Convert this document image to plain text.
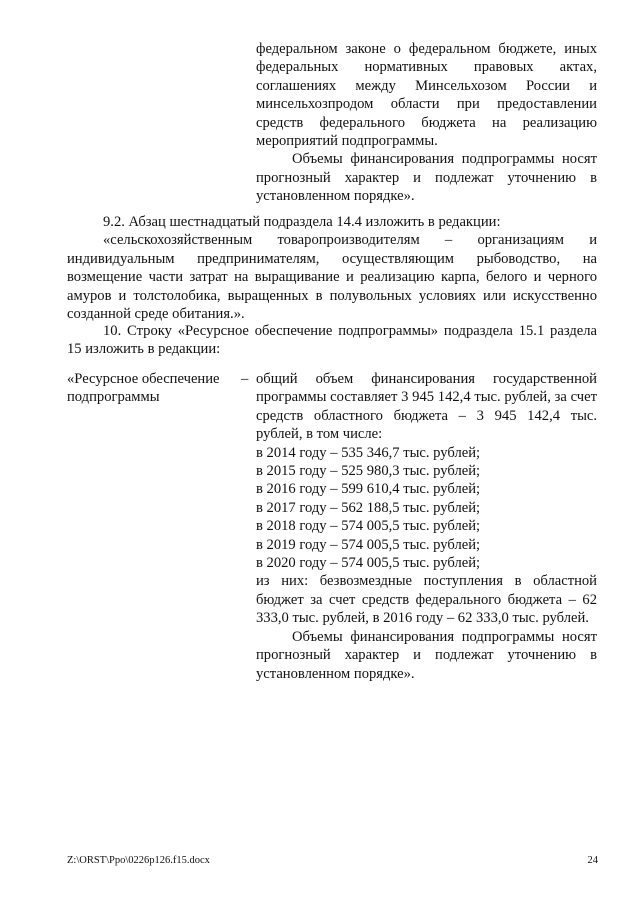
федеральном законе о федеральном бюджете, иных федеральных нормативных правовых актах, соглашениях между Минсельхозом России и минсельхозпродом области при предоставлении средств федерального бюджета на реализацию мероприятий подпрограммы.

Объемы финансирования подпрограммы носят прогнозный характер и подлежат уточнению в установленном порядке».

9.2. Абзац шестнадцатый подраздела 14.4 изложить в редакции:

«сельскохозяйственным товаропроизводителям – организациям и индивидуальным предпринимателям, осуществляющим рыбоводство, на возмещение части затрат на выращивание и реализацию карпа, белого и черного амуров и толстолобика, выращенных в полувольных условиях или искусственно созданной среде обитания.».

10. Строку «Ресурсное обеспечение подпрограммы» подраздела 15.1 раздела 15 изложить в редакции:

«Ресурсное обеспечение подпрограммы

– общий объем финансирования государственной программы составляет 3 945 142,4 тыс. рублей, за счет средств областного бюджета – 3 945 142,4 тыс. рублей, в том числе:

в 2014 году – 535 346,7 тыс. рублей;

в 2015 году – 525 980,3 тыс. рублей;

в 2016 году – 599 610,4 тыс. рублей;

в 2017 году – 562 188,5 тыс. рублей;

в 2018 году – 574 005,5 тыс. рублей;

в 2019 году – 574 005,5 тыс. рублей;

в 2020 году – 574 005,5 тыс. рублей;

из них: безвозмездные поступления в областной бюджет за счет средств федерального бюджета – 62 333,0 тыс. рублей, в 2016 году – 62 333,0 тыс. рублей.

Объемы финансирования подпрограммы носят прогнозный характер и подлежат уточнению в установленном порядке».

Z:\ORST\Ppo\0226p126.f15.docx	24
